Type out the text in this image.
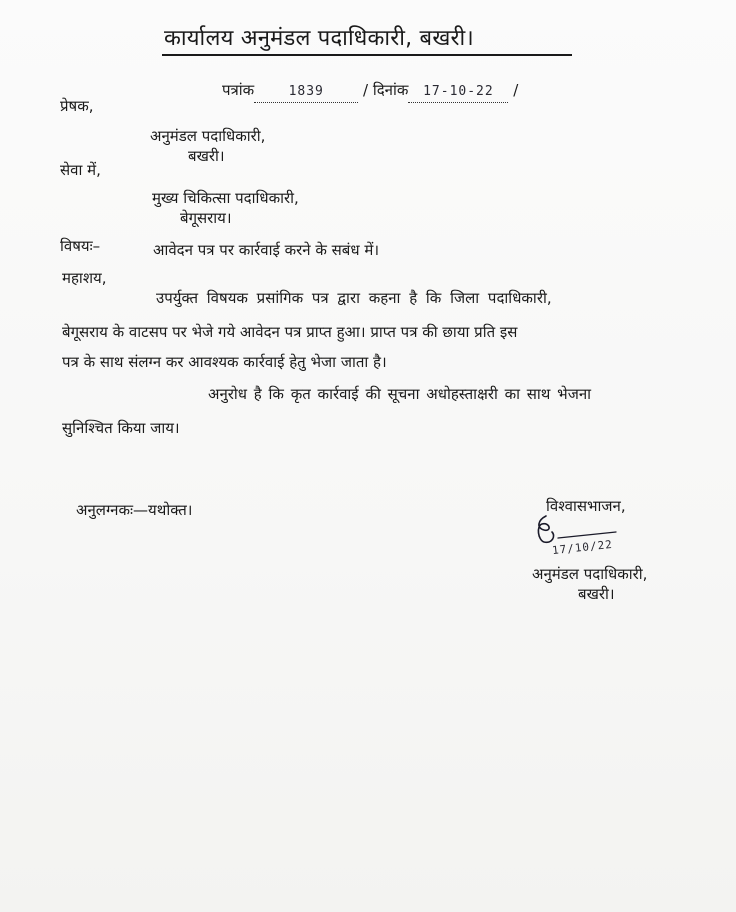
कार्यालय अनुमंडल पदाधिकारी, बखरी।
पत्रांक	1839	/ दिनांक 17-10-22 /
प्रेषक,
अनुमंडल पदाधिकारी,
बखरी।
सेवा में,
मुख्य चिकित्सा पदाधिकारी,
बेगूसराय।
विषयः–	आवेदन पत्र पर कार्रवाई करने के सबंध में।
महाशय,
उपर्युक्त विषयक प्रसांगिक पत्र द्वारा कहना है कि जिला पदाधिकारी,
बेगूसराय के वाटसप पर भेजे गये आवेदन पत्र प्राप्त हुआ। प्राप्त पत्र की छाया प्रति इस
पत्र के साथ संलग्न कर आवश्यक कार्रवाई हेतु भेजा जाता है।
अनुरोध है कि कृत कार्रवाई की सूचना अधोहस्ताक्षरी का साथ भेजना
सुनिश्चित किया जाय।
अनुलग्नकः—यथोक्त।	विश्वासभाजन,
17/10/22
अनुमंडल पदाधिकारी,
बखरी।
